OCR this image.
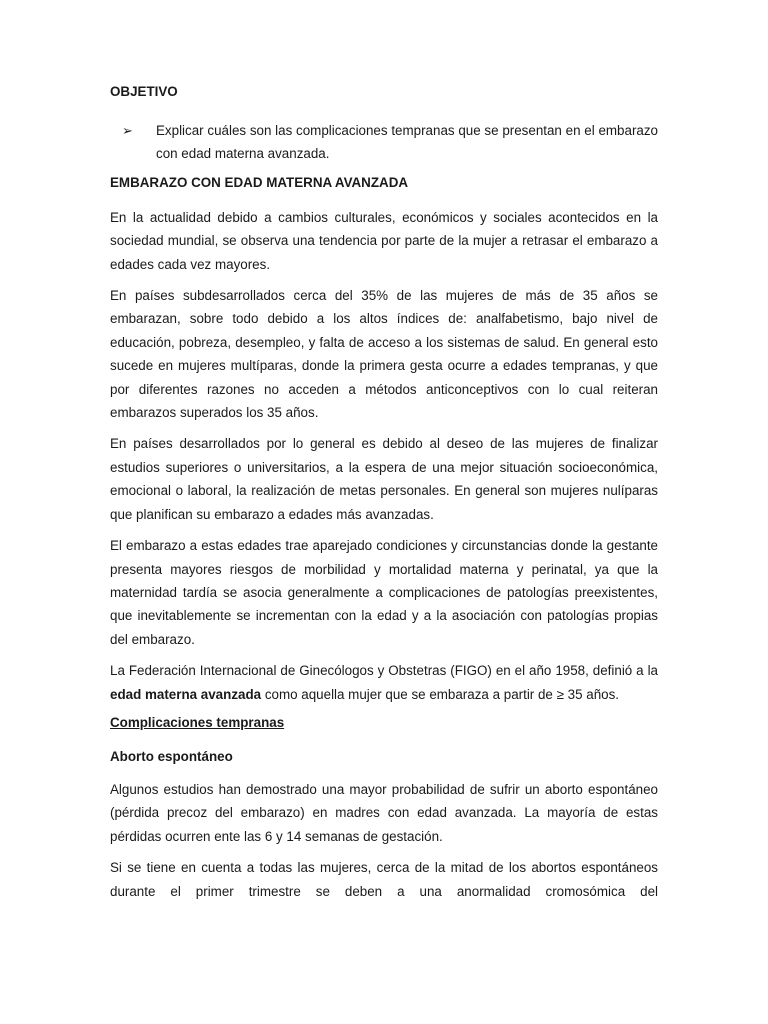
OBJETIVO
➢	Explicar cuáles son las complicaciones tempranas que se presentan en el embarazo con edad materna avanzada.
EMBARAZO CON EDAD MATERNA AVANZADA

En la actualidad debido a cambios culturales, económicos y sociales acontecidos en la sociedad mundial, se observa una tendencia por parte de la mujer a retrasar el embarazo a edades cada vez mayores.

En países subdesarrollados cerca del 35% de las mujeres de más de 35 años se embarazan, sobre todo debido a los altos índices de: analfabetismo, bajo nivel de educación, pobreza, desempleo, y falta de acceso a los sistemas de salud. En general esto sucede en mujeres multíparas, donde la primera gesta ocurre a edades tempranas, y que por diferentes razones no acceden a métodos anticonceptivos con lo cual reiteran embarazos superados los 35 años.

En países desarrollados por lo general es debido al deseo de las mujeres de finalizar estudios superiores o universitarios, a la espera de una mejor situación socioeconómica, emocional o laboral, la realización de metas personales. En general son mujeres nulíparas que planifican su embarazo a edades más avanzadas.

El embarazo a estas edades trae aparejado condiciones y circunstancias donde la gestante presenta mayores riesgos de morbilidad y mortalidad materna y perinatal, ya que la maternidad tardía se asocia generalmente a complicaciones de patologías preexistentes, que inevitablemente se incrementan con la edad y a la asociación con patologías propias del embarazo.

La Federación Internacional de Ginecólogos y Obstetras (FIGO) en el año 1958, definió a la edad materna avanzada como aquella mujer que se embaraza a partir de ≥ 35 años.

Complicaciones tempranas
Aborto espontáneo

Algunos estudios han demostrado una mayor probabilidad de sufrir un aborto espontáneo (pérdida precoz del embarazo) en madres con edad avanzada. La mayoría de estas pérdidas ocurren ente las 6 y 14 semanas de gestación.

Si se tiene en cuenta a todas las mujeres, cerca de la mitad de los abortos espontáneos durante el primer trimestre se deben a una anormalidad cromosómica del
